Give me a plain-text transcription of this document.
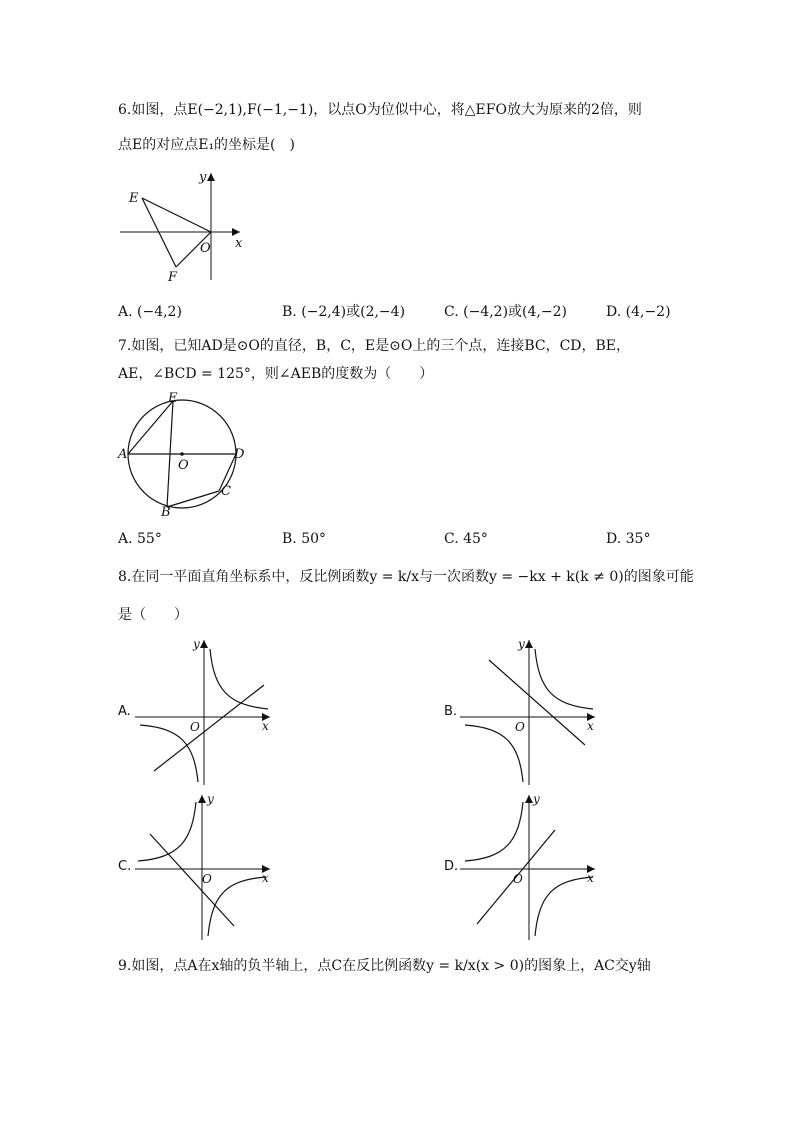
6.如图，点E(−2,1),F(−1,−1)，以点O为位似中心，将△EFO放大为原来的2倍，则
点E的对应点E₁的坐标是(　)
E
F
O x
y
A. (−4,2)	B. (−2,4)或(2,−4)	C. (−4,2)或(4,−2)	D. (4,−2)
7.如图，已知AD是⊙O的直径，B，C，E是⊙O上的三个点，连接BC，CD，BE，
AE，∠BCD = 125°，则∠AEB的度数为（　　）
A
B
C
D
E
O
A. 55°	B. 50°	C. 45°	D. 35°
8.在同一平面直角坐标系中，反比例函数y = k/x与一次函数y = −kx + k(k ≠ 0)的图象可能
是（　　）
A.
O	x
y
B.
O	x
y
C.
O	x
y
D.
O	x
y
9.如图，点A在x轴的负半轴上，点C在反比例函数y = k/x(x > 0)的图象上，AC交y轴
